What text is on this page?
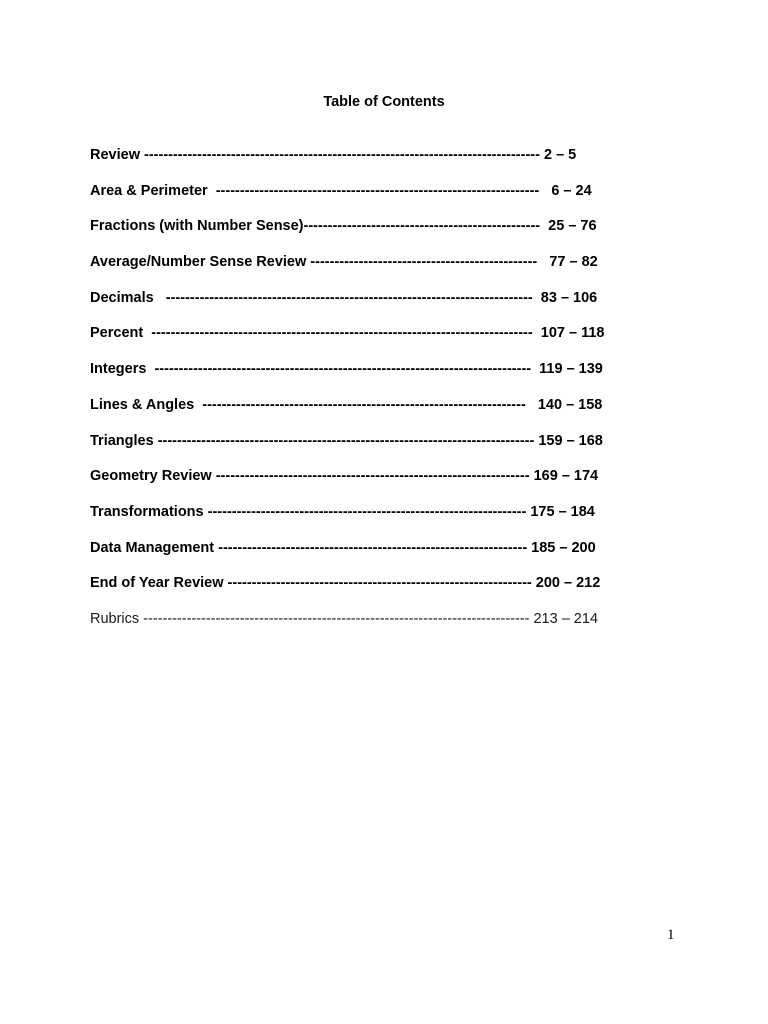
Table of Contents
Review ---------------------------------------------------------------------------------- 2 – 5
Area & Perimeter  -------------------------------------------------------------------   6 – 24
Fractions (with Number Sense)-------------------------------------------------  25 – 76
Average/Number Sense Review -----------------------------------------------   77 – 82
Decimals   ----------------------------------------------------------------------------  83 – 106
Percent  -------------------------------------------------------------------------------  107 – 118
Integers  ------------------------------------------------------------------------------  119 – 139
Lines & Angles  -------------------------------------------------------------------   140 – 158
Triangles ------------------------------------------------------------------------------ 159 – 168
Geometry Review ----------------------------------------------------------------- 169 – 174
Transformations ------------------------------------------------------------------ 175 – 184
Data Management ---------------------------------------------------------------- 185 – 200
End of Year Review --------------------------------------------------------------- 200 – 212
Rubrics -------------------------------------------------------------------------------- 213 – 214

1
